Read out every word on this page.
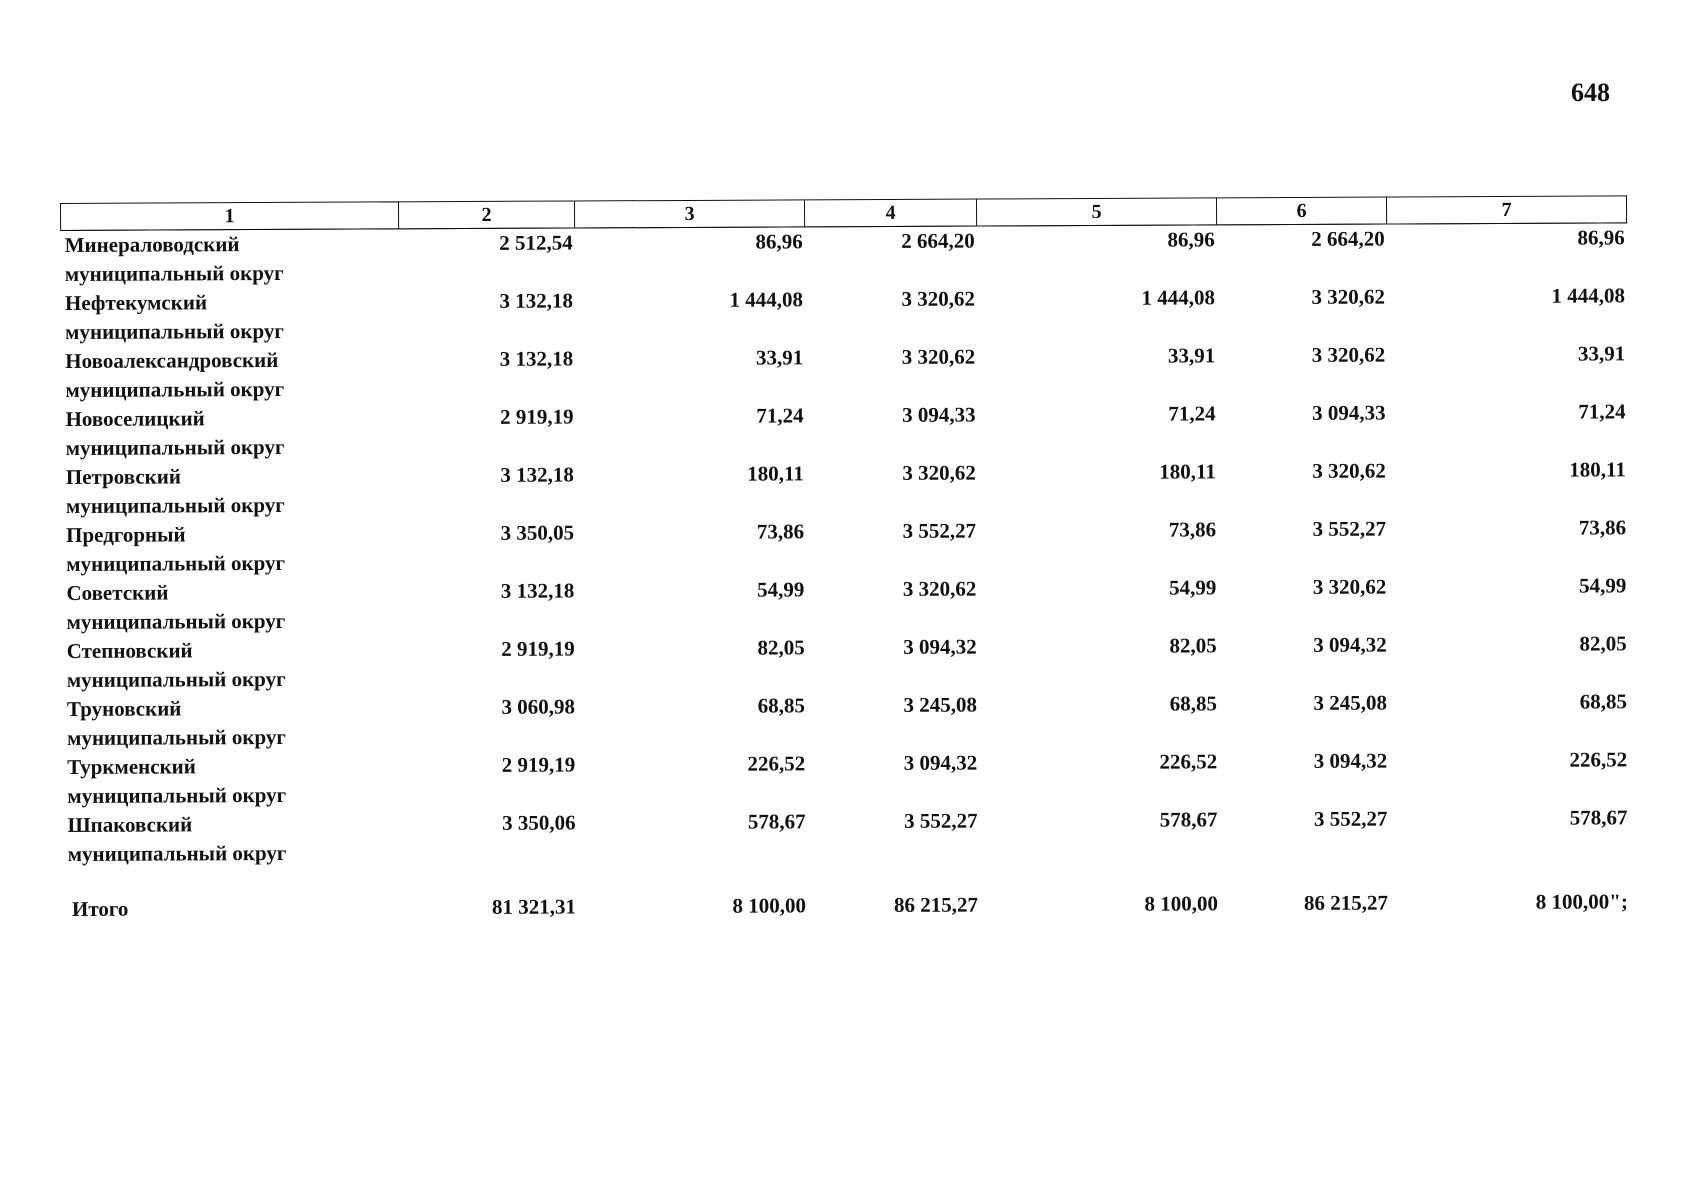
648
1	2	3	4	5	6	7
Минераловодский
муниципальный округ	2 512,54	86,96	2 664,20	86,96	2 664,20	86,96
Нефтекумский
муниципальный округ	3 132,18	1 444,08	3 320,62	1 444,08	3 320,62	1 444,08
Новоалександровский
муниципальный округ	3 132,18	33,91	3 320,62	33,91	3 320,62	33,91
Новоселицкий
муниципальный округ	2 919,19	71,24	3 094,33	71,24	3 094,33	71,24
Петровский
муниципальный округ	3 132,18	180,11	3 320,62	180,11	3 320,62	180,11
Предгорный
муниципальный округ	3 350,05	73,86	3 552,27	73,86	3 552,27	73,86
Советский
муниципальный округ	3 132,18	54,99	3 320,62	54,99	3 320,62	54,99
Степновский
муниципальный округ	2 919,19	82,05	3 094,32	82,05	3 094,32	82,05
Труновский
муниципальный округ	3 060,98	68,85	3 245,08	68,85	3 245,08	68,85
Туркменский
муниципальный округ	2 919,19	226,52	3 094,32	226,52	3 094,32	226,52
Шпаковский
муниципальный округ	3 350,06	578,67	3 552,27	578,67	3 552,27	578,67
Итого	81 321,31	8 100,00	86 215,27	8 100,00	86 215,27	8 100,00";
